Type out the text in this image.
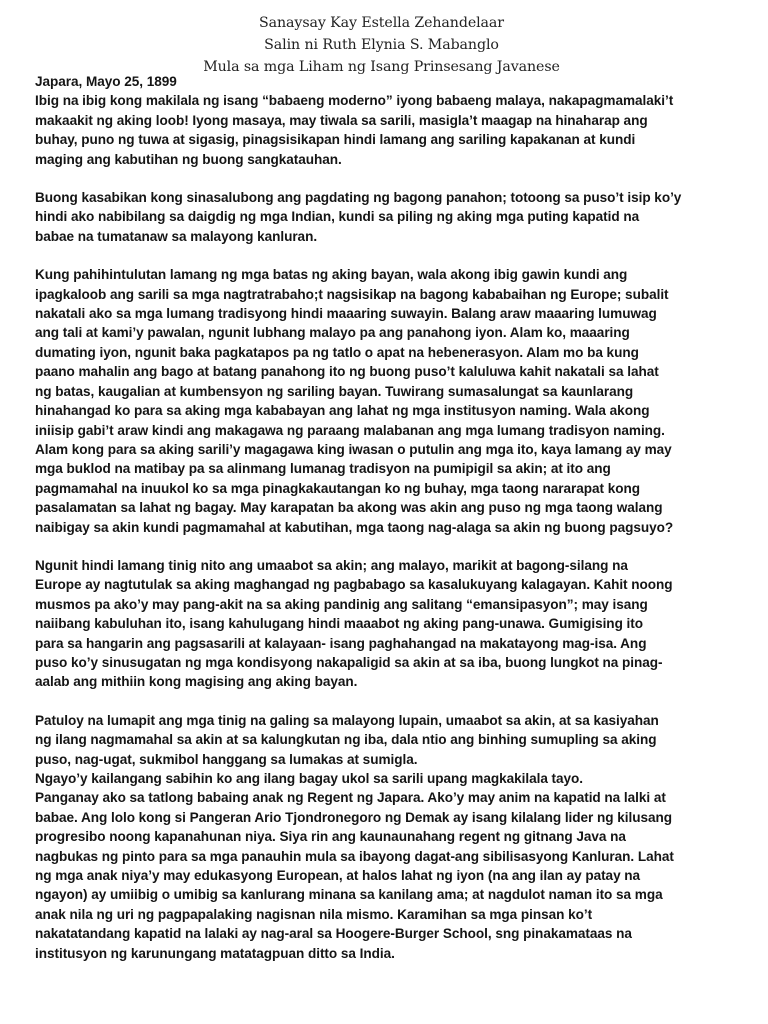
Sanaysay Kay Estella Zehandelaar
Salin ni Ruth Elynia S. Mabanglo
Mula sa mga Liham ng Isang Prinsesang Javanese
Japara, Mayo 25, 1899

Ibig na ibig kong makilala ng isang “babaeng moderno” iyong babaeng malaya, nakapagmamalaki’t
makaakit ng aking loob! Iyong masaya, may tiwala sa sarili, masigla’t maagap na hinaharap ang
buhay, puno ng tuwa at sigasig, pinagsisikapan hindi lamang ang sariling kapakanan at kundi
maging ang kabutihan ng buong sangkatauhan.

Buong kasabikan kong sinasalubong ang pagdating ng bagong panahon; totoong sa puso’t isip ko’y
hindi ako nabibilang sa daigdig ng mga Indian, kundi sa piling ng aking mga puting kapatid na
babae na tumatanaw sa malayong kanluran.

Kung pahihintulutan lamang ng mga batas ng aking bayan, wala akong ibig gawin kundi ang
ipagkaloob ang sarili sa mga nagtratrabaho;t nagsisikap na bagong kababaihan ng Europe; subalit
nakatali ako sa mga lumang tradisyong hindi maaaring suwayin. Balang araw maaaring lumuwag
ang tali at kami’y pawalan, ngunit lubhang malayo pa ang panahong iyon. Alam ko, maaaring
dumating iyon, ngunit baka pagkatapos pa ng tatlo o apat na hebenerasyon. Alam mo ba kung
paano mahalin ang bago at batang panahong ito ng buong puso’t kaluluwa kahit nakatali sa lahat
ng batas, kaugalian at kumbensyon ng sariling bayan. Tuwirang sumasalungat sa kaunlarang
hinahangad ko para sa aking mga kababayan ang lahat ng mga institusyon naming. Wala akong
iniisip gabi’t araw kindi ang makagawa ng paraang malabanan ang mga lumang tradisyon naming.
Alam kong para sa aking sarili’y magagawa king iwasan o putulin ang mga ito, kaya lamang ay may
mga buklod na matibay pa sa alinmang lumanag tradisyon na pumipigil sa akin; at ito ang
pagmamahal na inuukol ko sa mga pinagkakautangan ko ng buhay, mga taong nararapat kong
pasalamatan sa lahat ng bagay. May karapatan ba akong was akin ang puso ng mga taong walang
naibigay sa akin kundi pagmamahal at kabutihan, mga taong nag-alaga sa akin ng buong pagsuyo?

Ngunit hindi lamang tinig nito ang umaabot sa akin; ang malayo, marikit at bagong-silang na
Europe ay nagtutulak sa aking maghangad ng pagbabago sa kasalukuyang kalagayan. Kahit noong
musmos pa ako’y may pang-akit na sa aking pandinig ang salitang “emansipasyon”; may isang
naiibang kabuluhan ito, isang kahulugang hindi maaabot ng aking pang-unawa. Gumigising ito
para sa hangarin ang pagsasarili at kalayaan- isang paghahangad na makatayong mag-isa. Ang
puso ko’y sinusugatan ng mga kondisyong nakapaligid sa akin at sa iba, buong lungkot na pinag-
aalab ang mithiin kong magising ang aking bayan.

Patuloy na lumapit ang mga tinig na galing sa malayong lupain, umaabot sa akin, at sa kasiyahan
ng ilang nagmamahal sa akin at sa kalungkutan ng iba, dala ntio ang binhing sumupling sa aking
puso, nag-ugat, sukmibol hanggang sa lumakas at sumigla.
Ngayo’y kailangang sabihin ko ang ilang bagay ukol sa sarili upang magkakilala tayo.
Panganay ako sa tatlong babaing anak ng Regent ng Japara. Ako’y may anim na kapatid na lalki at
babae. Ang lolo kong si Pangeran Ario Tjondronegoro ng Demak ay isang kilalang lider ng kilusang
progresibo noong kapanahunan niya. Siya rin ang kaunaunahang regent ng gitnang Java na
nagbukas ng pinto para sa mga panauhin mula sa ibayong dagat-ang sibilisasyong Kanluran. Lahat
ng mga anak niya’y may edukasyong European, at halos lahat ng iyon (na ang ilan ay patay na
ngayon) ay umiibig o umibig sa kanlurang minana sa kanilang ama; at nagdulot naman ito sa mga
anak nila ng uri ng pagpapalaking nagisnan nila mismo. Karamihan sa mga pinsan ko’t
nakatatandang kapatid na lalaki ay nag-aral sa Hoogere-Burger School, sng pinakamataas na
institusyon ng karunungang matatagpuan ditto sa India.
